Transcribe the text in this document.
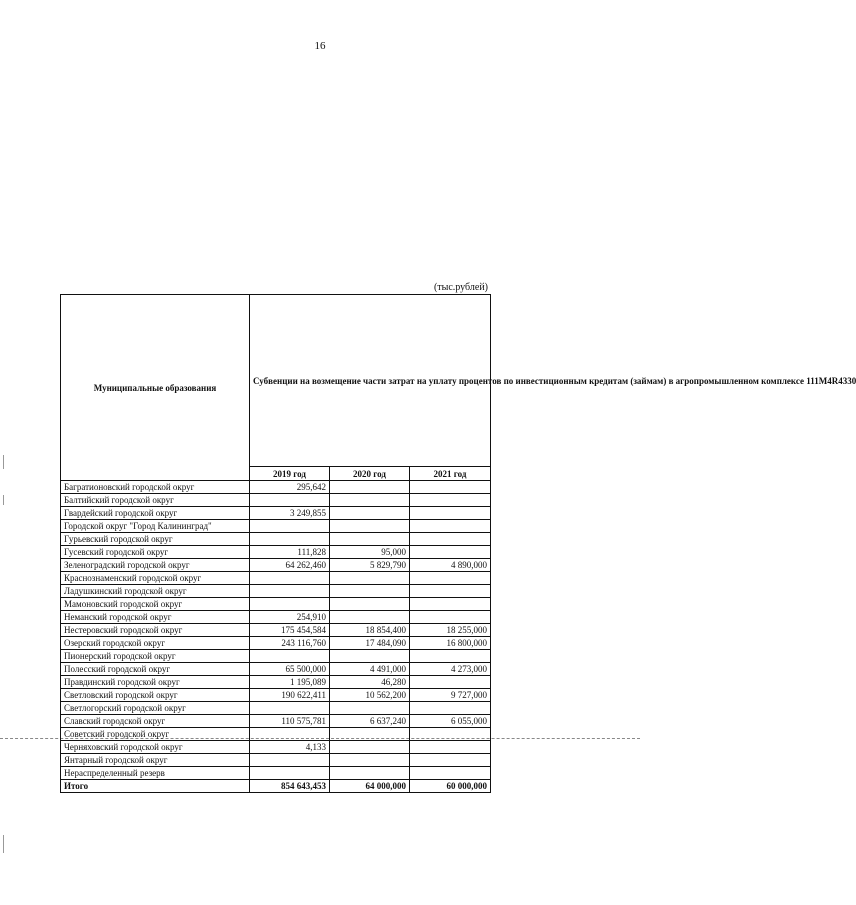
16
(тыс.рублей)
Муниципальные образования	Субвенции на возмещение части затрат на уплату процентов по инвестиционным кредитам (займам) в агропромышленном комплексе 111М4R4330		
	2019 год	2020 год	2021 год
Багратионовский городской округ	295,642		
Балтийский городской округ			
Гвардейский городской округ	3 249,855		
Городской округ "Город Калининград"			
Гурьевский городской округ			
Гусевский городской округ	111,828	95,000	
Зеленоградский городской округ	64 262,460	5 829,790	4 890,000
Краснознаменский городской округ			
Ладушкинский городской округ			
Мамоновский городской округ			
Неманский городской округ	254,910		
Нестеровский городской округ	175 454,584	18 854,400	18 255,000
Озерский городской округ	243 116,760	17 484,090	16 800,000
Пионерский городской округ			
Полесский городской округ	65 500,000	4 491,000	4 273,000
Правдинский городской округ	1 195,089	46,280	
Светловский городской округ	190 622,411	10 562,200	9 727,000
Светлогорский городской округ			
Славский городской округ	110 575,781	6 637,240	6 055,000
Советский городской округ			
Черняховский городской округ	4,133		
Янтарный городской округ			
Нераспределенный резерв			
Итого	854 643,453	64 000,000	60 000,000
